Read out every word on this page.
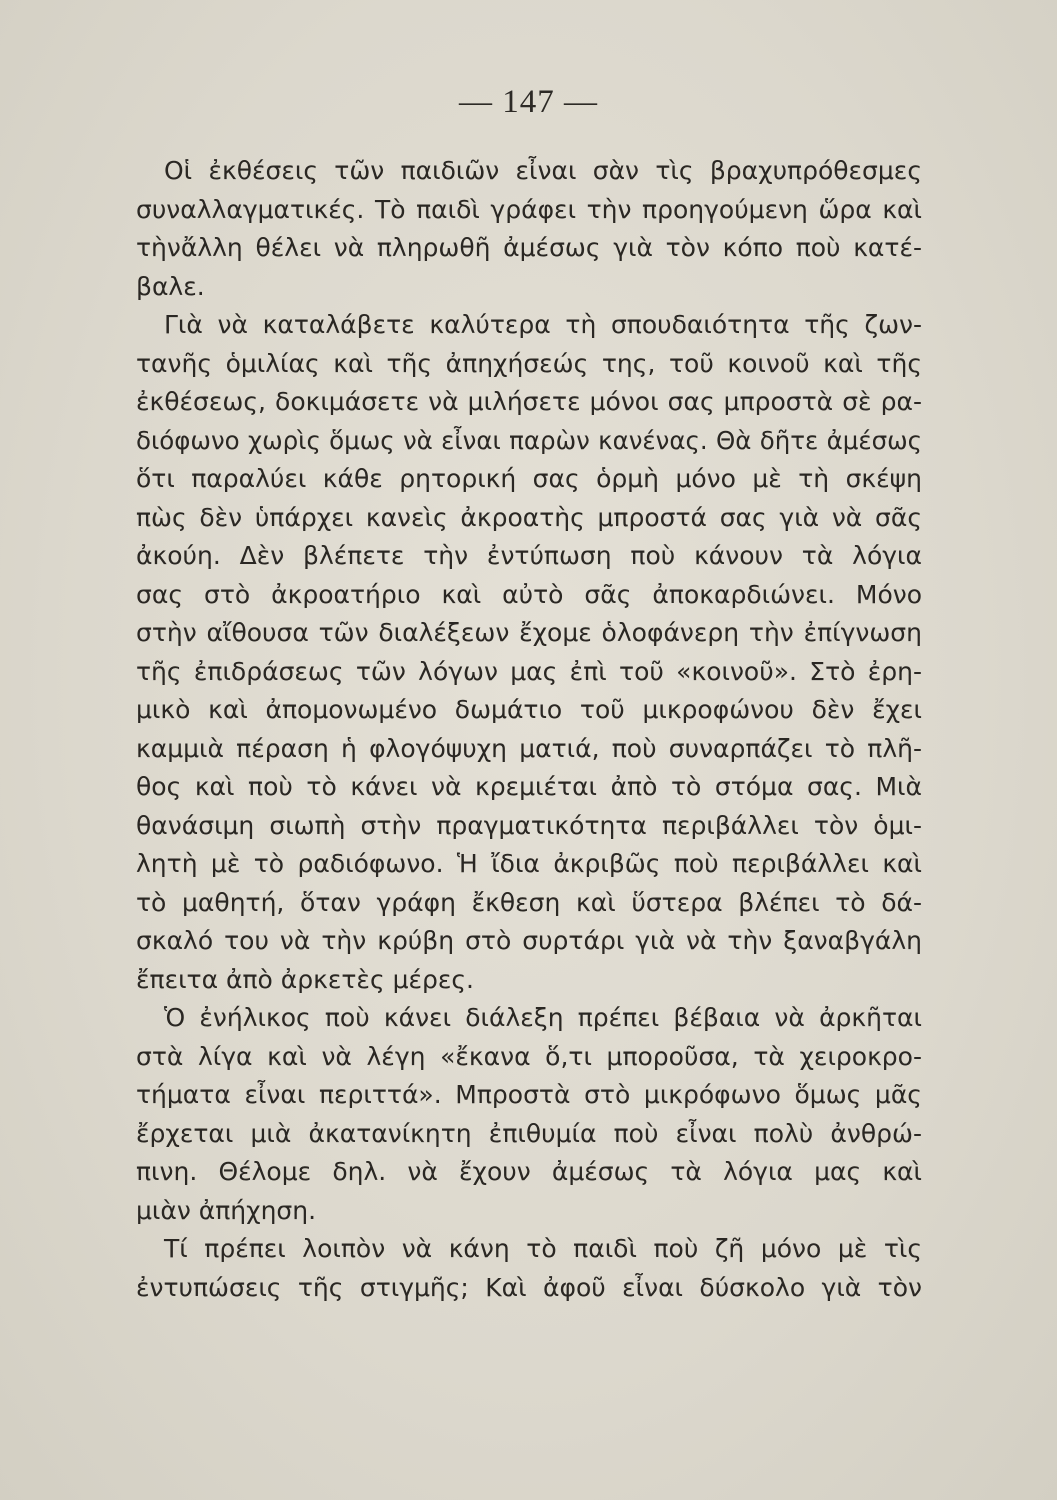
— 147 —
Οἱ ἐκθέσεις τῶν παιδιῶν εἶναι σὰν τὶς βραχυπρόθεσμες
συναλλαγματικές. Τὸ παιδὶ γράφει τὴν προηγούμενη ὥρα καὶ
τὴνἄλλη θέλει νὰ πληρωθῆ ἀμέσως γιὰ τὸν κόπο ποὺ κατέ-
βαλε.
Γιὰ νὰ καταλάβετε καλύτερα τὴ σπουδαιότητα τῆς ζων-
τανῆς ὁμιλίας καὶ τῆς ἀπηχήσεώς της, τοῦ κοινοῦ καὶ τῆς
ἐκθέσεως, δοκιμάσετε νὰ μιλήσετε μόνοι σας μπροστὰ σὲ ρα-
διόφωνο χωρὶς ὅμως νὰ εἶναι παρὼν κανένας. Θὰ δῆτε ἀμέσως
ὅτι παραλύει κάθε ρητορική σας ὁρμὴ μόνο μὲ τὴ σκέψη
πὼς δὲν ὑπάρχει κανεὶς ἀκροατὴς μπροστά σας γιὰ νὰ σᾶς
ἀκούη. Δὲν βλέπετε τὴν ἐντύπωση ποὺ κάνουν τὰ λόγια
σας στὸ ἀκροατήριο καὶ αὐτὸ σᾶς ἀποκαρδιώνει. Μόνο
στὴν αἴθουσα τῶν διαλέξεων ἔχομε ὁλοφάνερη τὴν ἐπίγνωση
τῆς ἐπιδράσεως τῶν λόγων μας ἐπὶ τοῦ «κοινοῦ». Στὸ ἐρη-
μικὸ καὶ ἀπομονωμένο δωμάτιο τοῦ μικροφώνου δὲν ἔχει
καμμιὰ πέραση ἡ φλογόψυχη ματιά, ποὺ συναρπάζει τὸ πλῆ-
θος καὶ ποὺ τὸ κάνει νὰ κρεμιέται ἀπὸ τὸ στόμα σας. Μιὰ
θανάσιμη σιωπὴ στὴν πραγματικότητα περιβάλλει τὸν ὁμι-
λητὴ μὲ τὸ ραδιόφωνο. Ἡ ἴδια ἀκριβῶς ποὺ περιβάλλει καὶ
τὸ μαθητή, ὅταν γράφη ἔκθεση καὶ ὕστερα βλέπει τὸ δά-
σκαλό του νὰ τὴν κρύβη στὸ συρτάρι γιὰ νὰ τὴν ξαναβγάλη
ἔπειτα ἀπὸ ἀρκετὲς μέρες.
Ὁ ἐνήλικος ποὺ κάνει διάλεξη πρέπει βέβαια νὰ ἀρκῆται
στὰ λίγα καὶ νὰ λέγη «ἔκανα ὅ,τι μποροῦσα, τὰ χειροκρο-
τήματα εἶναι περιττά». Μπροστὰ στὸ μικρόφωνο ὅμως μᾶς
ἔρχεται μιὰ ἀκατανίκητη ἐπιθυμία ποὺ εἶναι πολὺ ἀνθρώ-
πινη. Θέλομε δηλ. νὰ ἔχουν ἀμέσως τὰ λόγια μας καὶ
μιὰν ἀπήχηση.
Τί πρέπει λοιπὸν νὰ κάνη τὸ παιδὶ ποὺ ζῆ μόνο μὲ τὶς
ἐντυπώσεις τῆς στιγμῆς; Καὶ ἀφοῦ εἶναι δύσκολο γιὰ τὸν
